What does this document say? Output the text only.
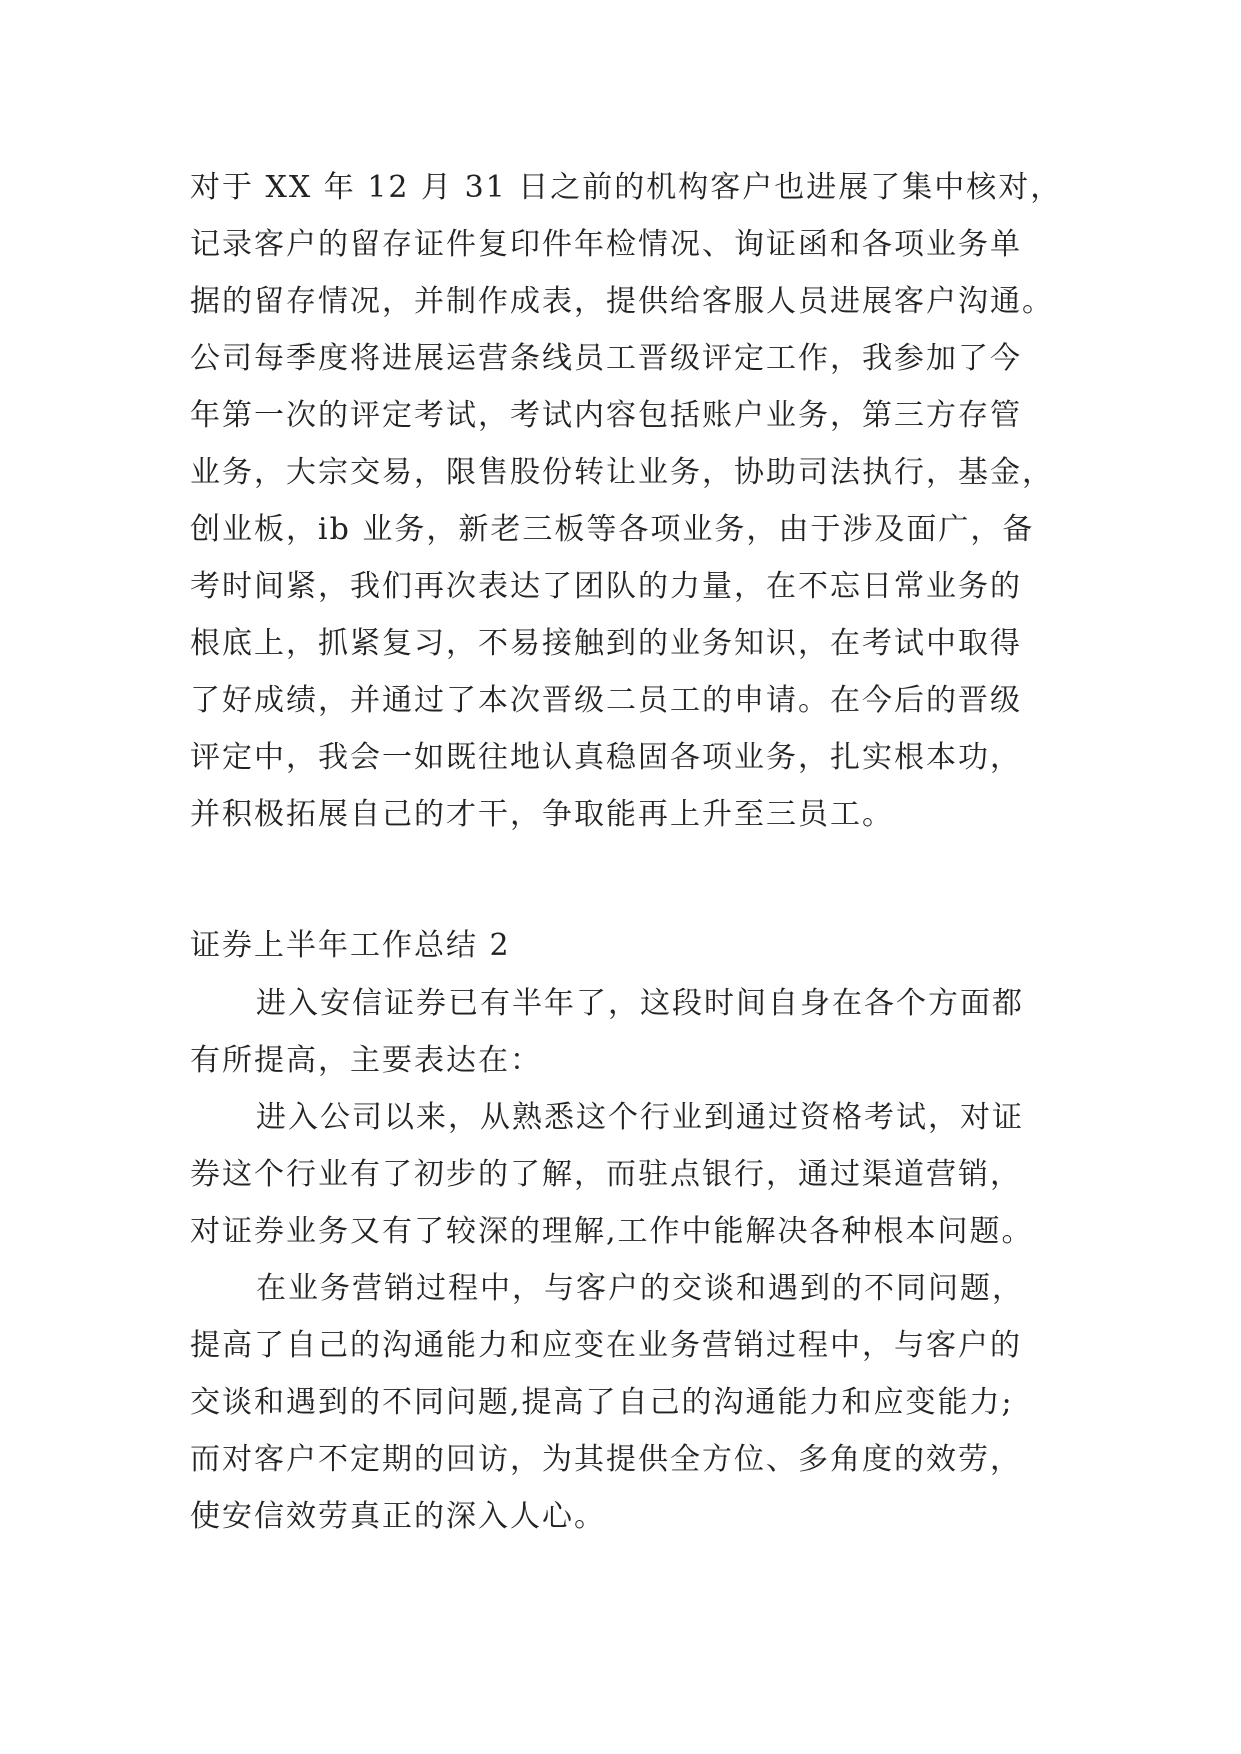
对于 XX 年 12 月 31 日之前的机构客户也进展了集中核对，
记录客户的留存证件复印件年检情况、询证函和各项业务单
据的留存情况，并制作成表，提供给客服人员进展客户沟通。
公司每季度将进展运营条线员工晋级评定工作，我参加了今
年第一次的评定考试，考试内容包括账户业务，第三方存管
业务，大宗交易，限售股份转让业务，协助司法执行，基金，
创业板，ib 业务，新老三板等各项业务，由于涉及面广，备
考时间紧，我们再次表达了团队的力量，在不忘日常业务的
根底上，抓紧复习，不易接触到的业务知识，在考试中取得
了好成绩，并通过了本次晋级二员工的申请。在今后的晋级
评定中，我会一如既往地认真稳固各项业务，扎实根本功，
并积极拓展自己的才干，争取能再上升至三员工。
证券上半年工作总结 2
进入安信证券已有半年了，这段时间自身在各个方面都
有所提高，主要表达在：
进入公司以来，从熟悉这个行业到通过资格考试，对证
券这个行业有了初步的了解，而驻点银行，通过渠道营销，
对证券业务又有了较深的理解,工作中能解决各种根本问题。
在业务营销过程中，与客户的交谈和遇到的不同问题，
提高了自己的沟通能力和应变在业务营销过程中，与客户的
交谈和遇到的不同问题,提高了自己的沟通能力和应变能力;
而对客户不定期的回访，为其提供全方位、多角度的效劳，
使安信效劳真正的深入人心。
